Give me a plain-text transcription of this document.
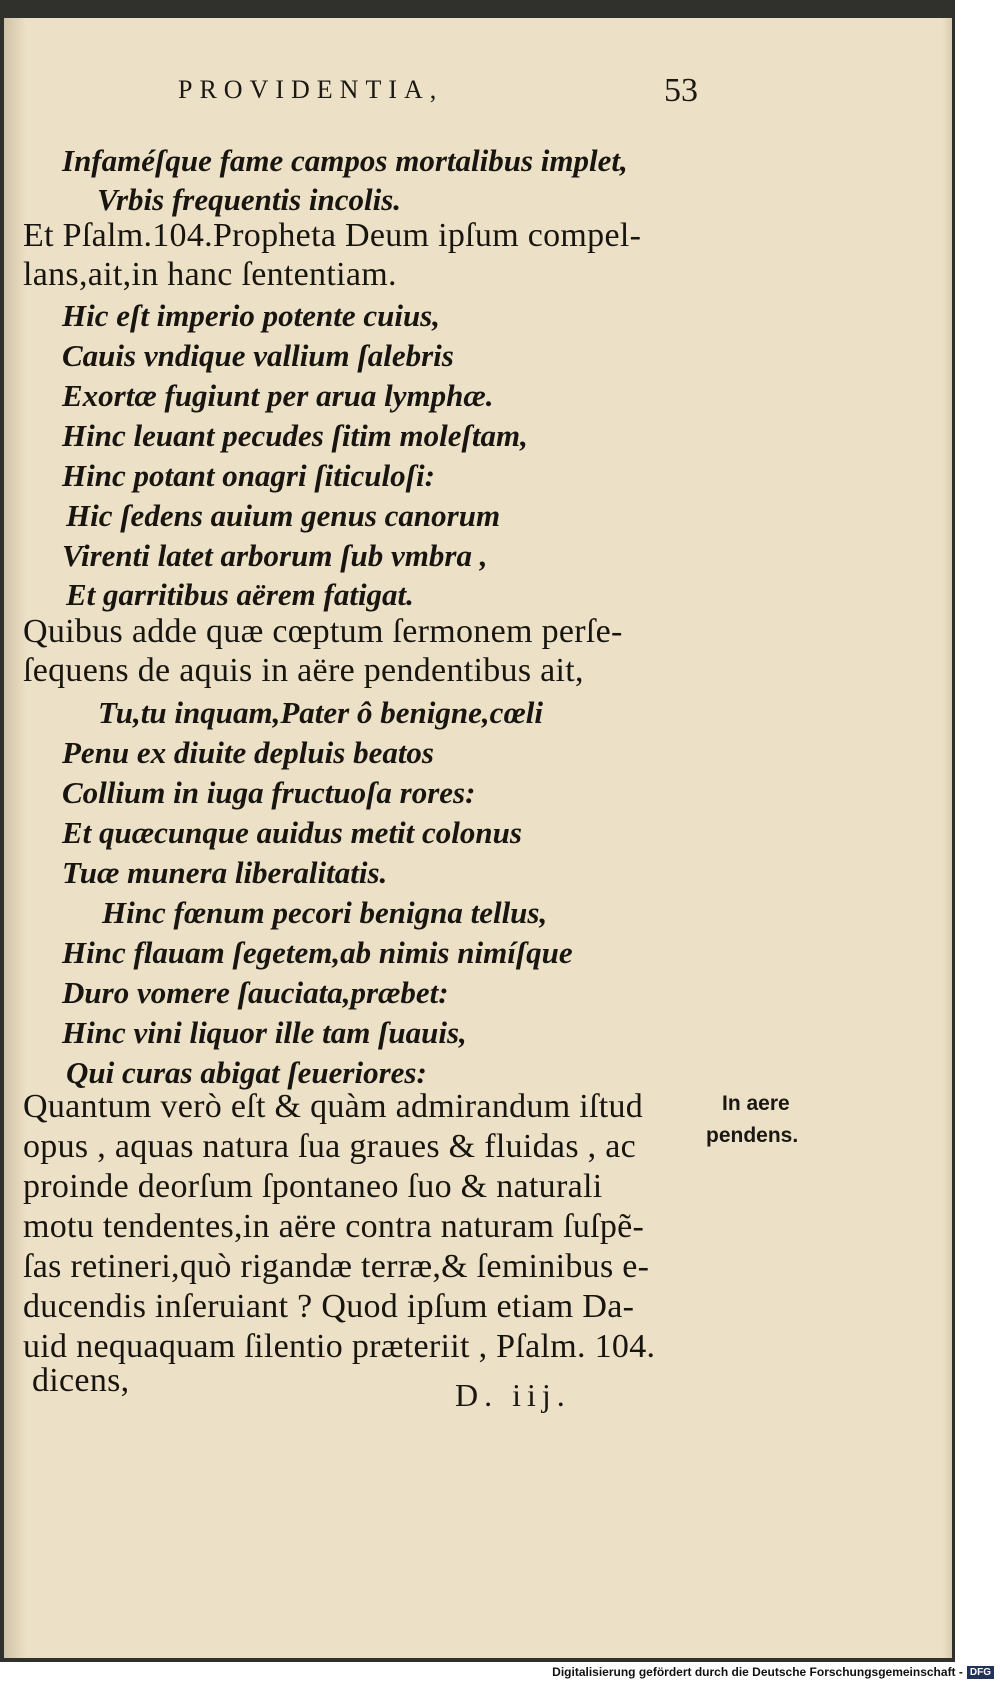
PROVIDENTIA,	53
Infaméſque fame campos mortalibus implet,
Vrbis frequentis incolis.
Et Pſalm.104.Propheta Deum ipſum compel-
lans,ait,in hanc ſententiam.
Hic eſt imperio potente cuius,
Cauis vndique vallium ſalebris
Exortæ fugiunt per arua lymphæ.
Hinc leuant pecudes ſitim moleſtam,
Hinc potant onagri ſiticuloſi:
Hic ſedens auium genus canorum
Virenti latet arborum ſub vmbra ,
Et garritibus aërem fatigat.
Quibus adde quæ cœptum ſermonem perſe-
ſequens de aquis in aëre pendentibus ait,
Tu,tu inquam,Pater ô benigne,cœli
Penu ex diuite depluis beatos
Collium in iuga fructuoſa rores:
Et quæcunque auidus metit colonus
Tuæ munera liberalitatis.
Hinc fœnum pecori benigna tellus,
Hinc flauam ſegetem,ab nimis nimíſque
Duro vomere ſauciata,præbet:
Hinc vini liquor ille tam ſuauis,
Qui curas abigat ſeueriores:
Quantum verò eſt & quàm admirandum iſtud
opus , aquas natura ſua graues & fluidas , ac
proinde deorſum ſpontaneo ſuo & naturali
motu tendentes,in aëre contra naturam ſuſpẽ-
ſas retineri,quò rigandæ terræ,& ſeminibus e-
ducendis inſeruiant ? Quod ipſum etiam Da-
uid nequaquam ſilentio præteriit , Pſalm. 104.
dicens,
In aere
pendens.
D. iij.
Digitalisierung gefördert durch die Deutsche Forschungsgemeinschaft - DFG
